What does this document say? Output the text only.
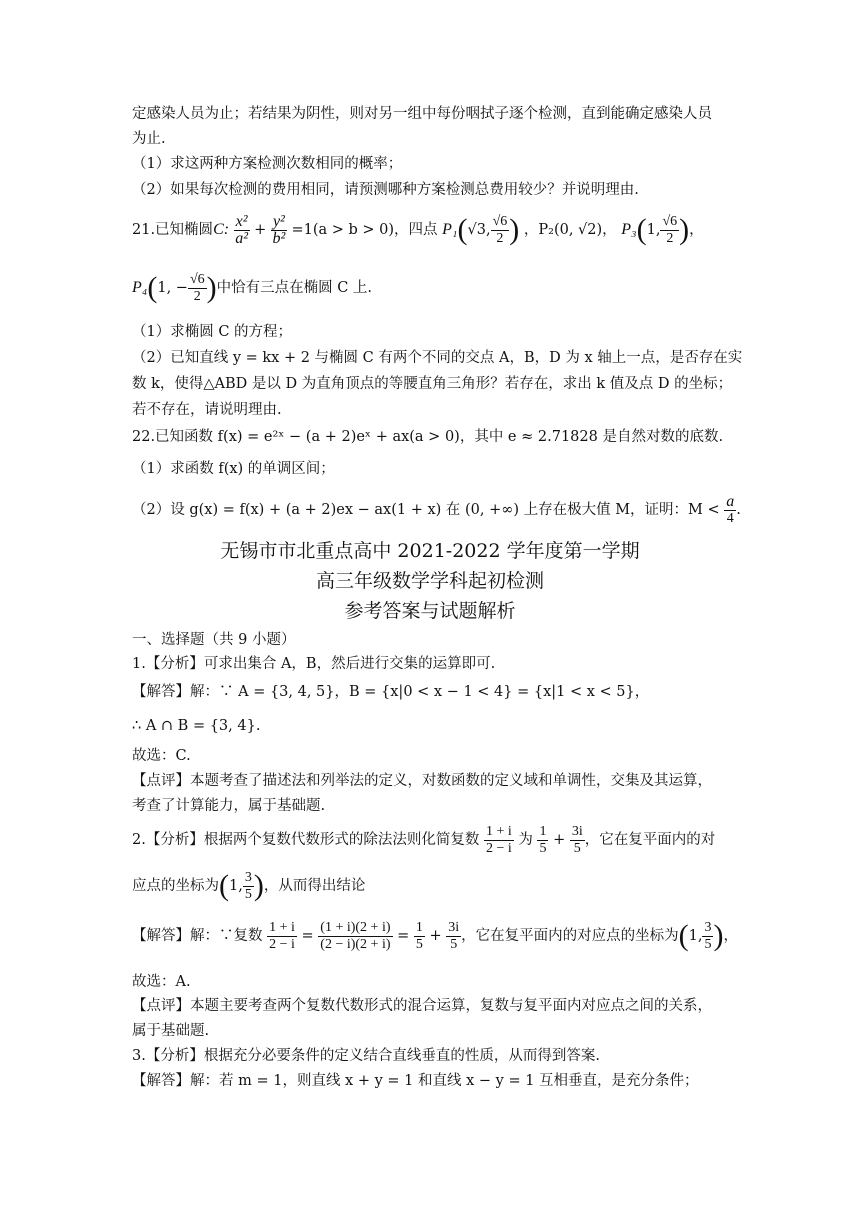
定感染人员为止；若结果为阴性，则对另一组中每份咽拭子逐个检测，直到能确定感染人员
为止.
（1）求这两种方案检测次数相同的概率；
（2）如果每次检测的费用相同，请预测哪种方案检测总费用较少？并说明理由.
21.已知椭圆C: $\frac{\text{x²}}{\text{a²}} + \frac{\text{y²}}{\text{b²}} =1(a > b > 0)$，四点 P₁(√3, $\frac{√6}{2}$ ) ，P₂(0, √2)， P₃(1, $\frac{√6}{2}$ )，
P₄(1, − $\frac{√6}{2}$ )中恰有三点在椭圆 C 上.
（1）求椭圆 C 的方程；
（2）已知直线 y = kx + 2 与椭圆 C 有两个不同的交点 A，B，D 为 x 轴上一点，是否存在实
数 k，使得△ABD 是以 D 为直角顶点的等腰直角三角形？若存在，求出 k 值及点 D 的坐标；
若不存在，请说明理由.
22.已知函数 f(x) = e²ˣ − (a + 2)eˣ + ax(a > 0)，其中 e ≈ 2.71828 是自然对数的底数.
（1）求函数 f(x) 的单调区间；
（2）设 g(x) = f(x) + (a + 2)ex − ax(1 + x) 在 (0, +∞) 上存在极大值 M，证明：$M < \frac{a}{4}$ .
无锡市市北重点高中 2021-2022 学年度第一学期
高三年级数学学科起初检测
参考答案与试题解析
一、选择题（共 9 小题）
1.【分析】可求出集合 A，B，然后进行交集的运算即可.
【解答】解：∵ A = {3, 4, 5}，B = {x|0 < x − 1 < 4} = {x|1 < x < 5}，
∴ A ∩ B = {3, 4}.
故选：C.
【点评】本题考查了描述法和列举法的定义，对数函数的定义域和单调性，交集及其运算，
考查了计算能力，属于基础题.
2.【分析】根据两个复数代数形式的除法法则化简复数 $\frac{1 + i}{2 - i}$ 为 $\frac{1}{5} + \frac{3i}{5}$ ，它在复平面内的对
应点的坐标为(1, $\frac{3}{5}$ )，从而得出结论
【解答】解：∵复数 $\frac{1 + i}{2 - i} = \frac{(1 + i)(2 + i)}{(2 - i)(2 + i)} = \frac{1}{5} + \frac{3i}{5}$ ，它在复平面内的对应点的坐标为(1, $\frac{3}{5}$ )，
故选：A.
【点评】本题主要考查两个复数代数形式的混合运算，复数与复平面内对应点之间的关系，
属于基础题.
3.【分析】根据充分必要条件的定义结合直线垂直的性质，从而得到答案.
【解答】解：若 m = 1，则直线 x + y = 1 和直线 x − y = 1 互相垂直，是充分条件；
